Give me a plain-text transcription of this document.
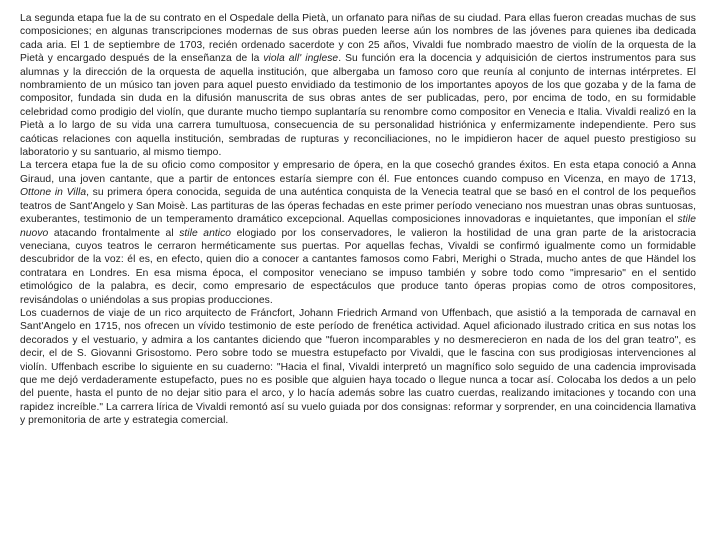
La segunda etapa fue la de su contrato en el Ospedale della Pietà, un orfanato para niñas de su ciudad. Para ellas fueron creadas muchas de sus composiciones; en algunas transcripciones modernas de sus obras pueden leerse aún los nombres de las jóvenes para quienes iba dedicada cada aria. El 1 de septiembre de 1703, recién ordenado sacerdote y con 25 años, Vivaldi fue nombrado maestro de violín de la orquesta de la Pietà y encargado después de la enseñanza de la viola all' inglese. Su función era la docencia y adquisición de ciertos instrumentos para sus alumnas y la dirección de la orquesta de aquella institución, que albergaba un famoso coro que reunía al conjunto de internas intérpretes. El nombramiento de un músico tan joven para aquel puesto envidiado da testimonio de los importantes apoyos de los que gozaba y de la fama de compositor, fundada sin duda en la difusión manuscrita de sus obras antes de ser publicadas, pero, por encima de todo, en su formidable celebridad como prodigio del violín, que durante mucho tiempo suplantaría su renombre como compositor en Venecia e Italia. Vivaldi realizó en la Pietà a lo largo de su vida una carrera tumultuosa, consecuencia de su personalidad histriónica y enfermizamente independiente. Pero sus caóticas relaciones con aquella institución, sembradas de rupturas y reconciliaciones, no le impidieron hacer de aquel puesto prestigioso su laboratorio y su santuario, al mismo tiempo.

La tercera etapa fue la de su oficio como compositor y empresario de ópera, en la que cosechó grandes éxitos. En esta etapa conoció a Anna Giraud, una joven cantante, que a partir de entonces estaría siempre con él. Fue entonces cuando compuso en Vicenza, en mayo de 1713, Ottone in Villa, su primera ópera conocida, seguida de una auténtica conquista de la Venecia teatral que se basó en el control de los pequeños teatros de Sant'Angelo y San Moisè. Las partituras de las óperas fechadas en este primer período veneciano nos muestran unas obras suntuosas, exuberantes, testimonio de un temperamento dramático excepcional. Aquellas composiciones innovadoras e inquietantes, que imponían el stile nuovo atacando frontalmente al stile antico elogiado por los conservadores, le valieron la hostilidad de una gran parte de la aristocracia veneciana, cuyos teatros le cerraron herméticamente sus puertas. Por aquellas fechas, Vivaldi se confirmó igualmente como un formidable descubridor de la voz: él es, en efecto, quien dio a conocer a cantantes famosos como Fabri, Merighi o Strada, mucho antes de que Händel los contratara en Londres. En esa misma época, el compositor veneciano se impuso también y sobre todo como "impresario" en el sentido etimológico de la palabra, es decir, como empresario de espectáculos que produce tanto óperas propias como de otros compositores, revisándolas o uniéndolas a sus propias producciones.

Los cuadernos de viaje de un rico arquitecto de Fráncfort, Johann Friedrich Armand von Uffenbach, que asistió a la temporada de carnaval en Sant'Angelo en 1715, nos ofrecen un vívido testimonio de este período de frenética actividad. Aquel aficionado ilustrado critica en sus notas los decorados y el vestuario, y admira a los cantantes diciendo que "fueron incomparables y no desmerecieron en nada de los del gran teatro", es decir, el de S. Giovanni Grisostomo. Pero sobre todo se muestra estupefacto por Vivaldi, que le fascina con sus prodigiosas intervenciones al violín. Uffenbach escribe lo siguiente en su cuaderno: "Hacia el final, Vivaldi interpretó un magnífico solo seguido de una cadencia improvisada que me dejó verdaderamente estupefacto, pues no es posible que alguien haya tocado o llegue nunca a tocar así. Colocaba los dedos a un pelo del puente, hasta el punto de no dejar sitio para el arco, y lo hacía además sobre las cuatro cuerdas, realizando imitaciones y tocando con una rapidez increíble." La carrera lírica de Vivaldi remontó así su vuelo guiada por dos consignas: reformar y sorprender, en una coincidencia llamativa y premonitoria de arte y estrategia comercial.
